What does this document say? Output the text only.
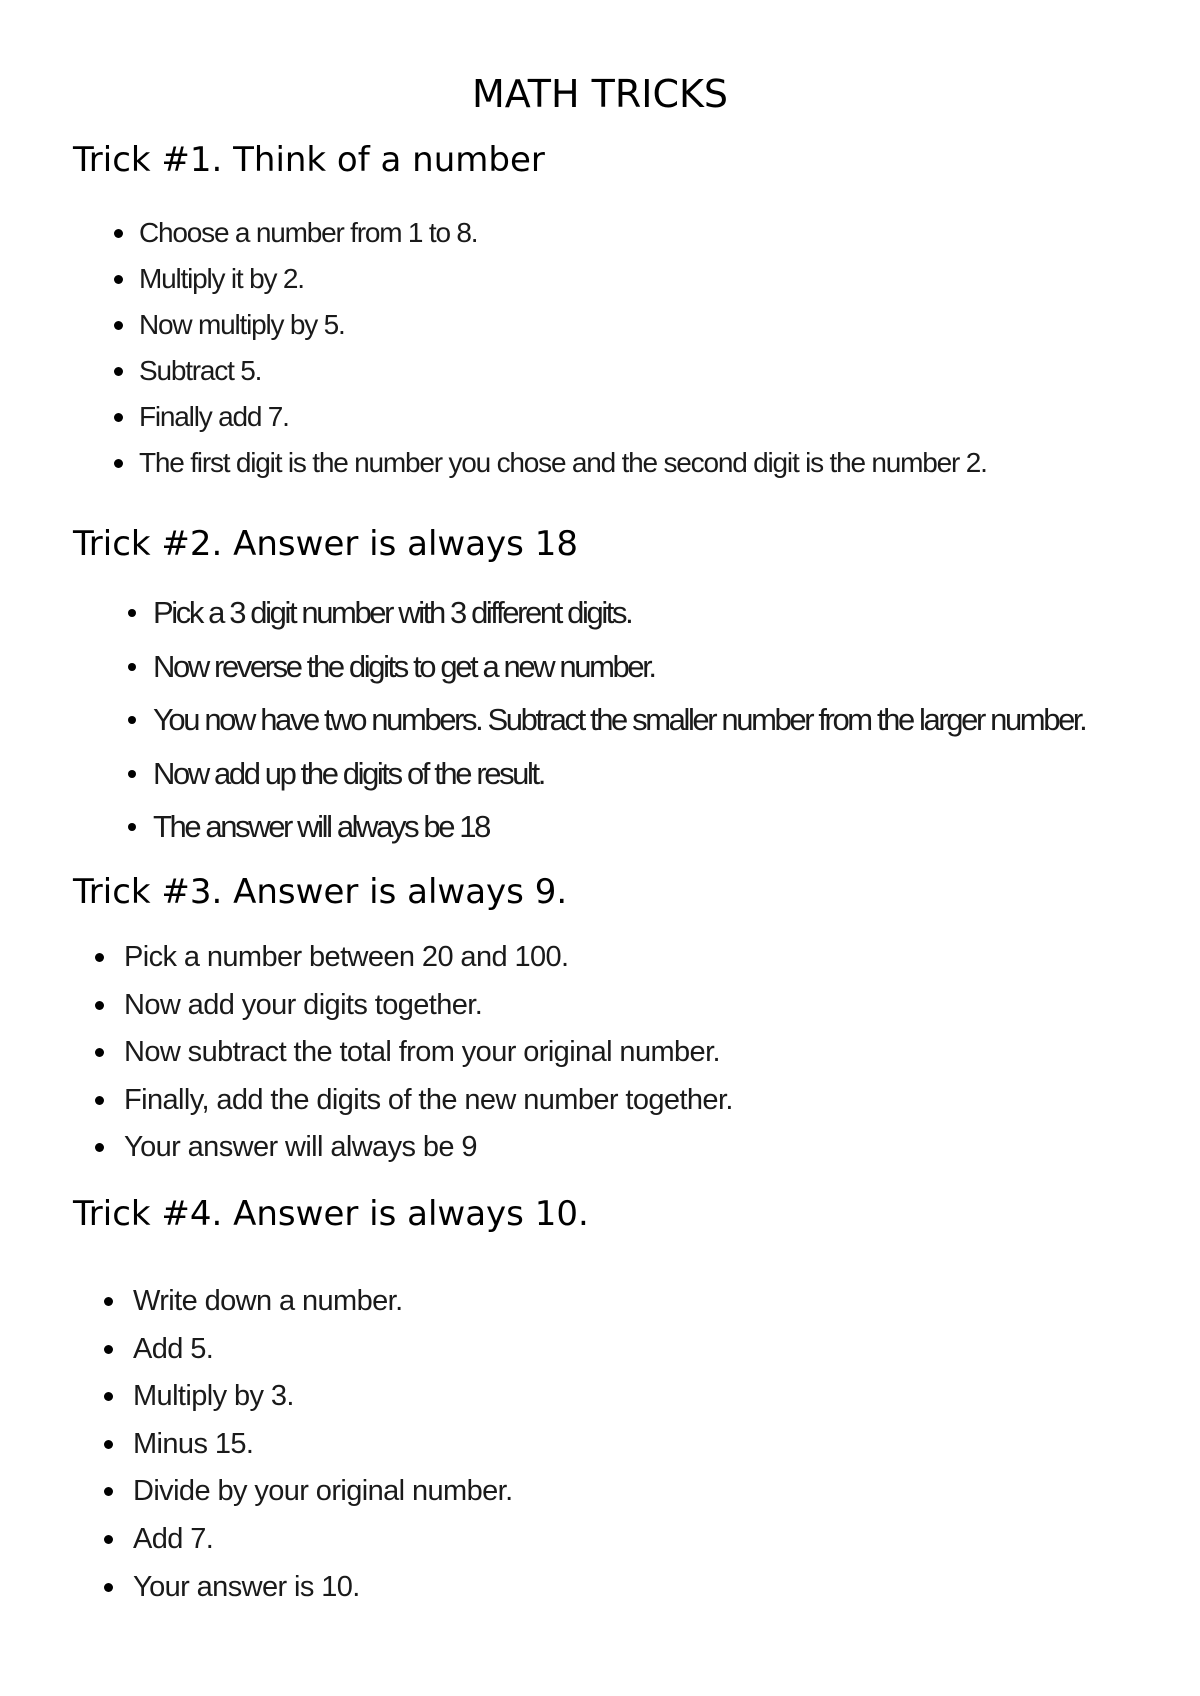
MATH TRICKS
Trick #1. Think of a number
Choose a number from 1 to 8.
Multiply it by 2.
Now multiply by 5.
Subtract 5.
Finally add 7.
The first digit is the number you chose and the second digit is the number 2.
Trick #2. Answer is always 18
Pick a 3 digit number with 3 different digits.
Now reverse the digits to get a new number.
You now have two numbers. Subtract the smaller number from the larger number.
Now add up the digits of the result.
The answer will always be 18
Trick #3. Answer is always 9.
Pick a number between 20 and 100.
Now add your digits together.
Now subtract the total from your original number.
Finally, add the digits of the new number together.
Your answer will always be 9
Trick #4. Answer is always 10.
Write down a number.
Add 5.
Multiply by 3.
Minus 15.
Divide by your original number.
Add 7.
Your answer is 10.
